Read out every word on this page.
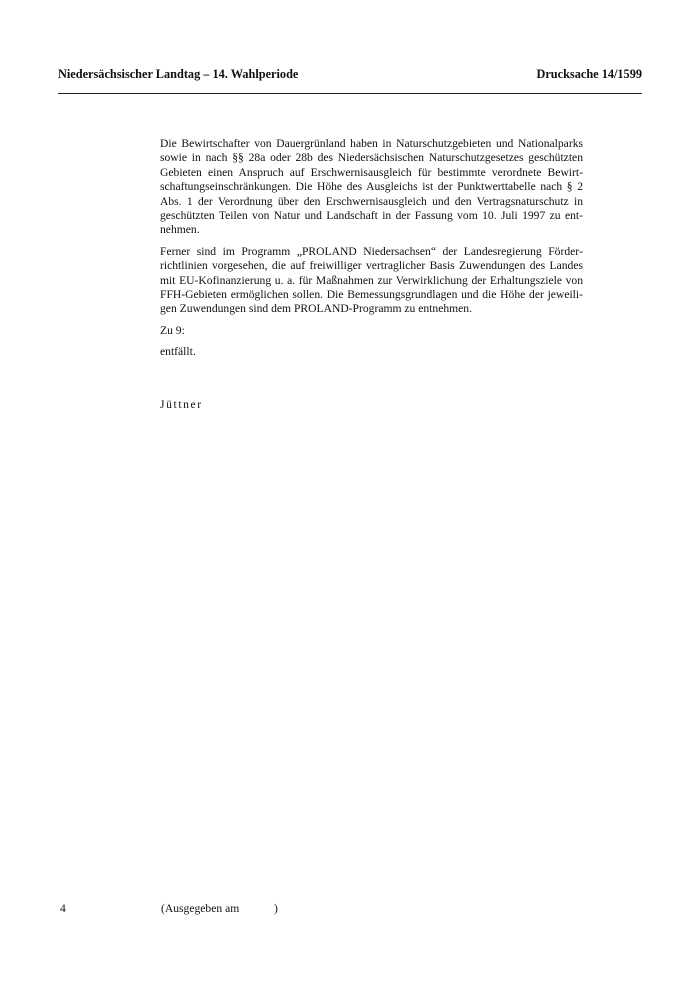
Niedersächsischer Landtag – 14. Wahlperiode	Drucksache 14/1599

Die Bewirtschafter von Dauergrünland haben in Naturschutzgebieten und Nationalparks sowie in nach §§ 28a oder 28b des Niedersächsischen Naturschutzgesetzes geschützten Gebieten einen Anspruch auf Erschwernisausgleich für bestimmte verordnete Bewirtschaftungseinschränkungen. Die Höhe des Ausgleichs ist der Punktwerttabelle nach § 2 Abs. 1 der Verordnung über den Erschwernisausgleich und den Vertragsnaturschutz in geschützten Teilen von Natur und Landschaft in der Fassung vom 10. Juli 1997 zu entnehmen.

Ferner sind im Programm „PROLAND Niedersachsen“ der Landesregierung Förderrichtlinien vorgesehen, die auf freiwilliger vertraglicher Basis Zuwendungen des Landes mit EU-Kofinanzierung u. a. für Maßnahmen zur Verwirklichung der Erhaltungsziele von FFH-Gebieten ermöglichen sollen. Die Bemessungsgrundlagen und die Höhe der jeweiligen Zuwendungen sind dem PROLAND-Programm zu entnehmen.

Zu 9:

entfällt.

Jüttner
4	(Ausgegeben am            )
